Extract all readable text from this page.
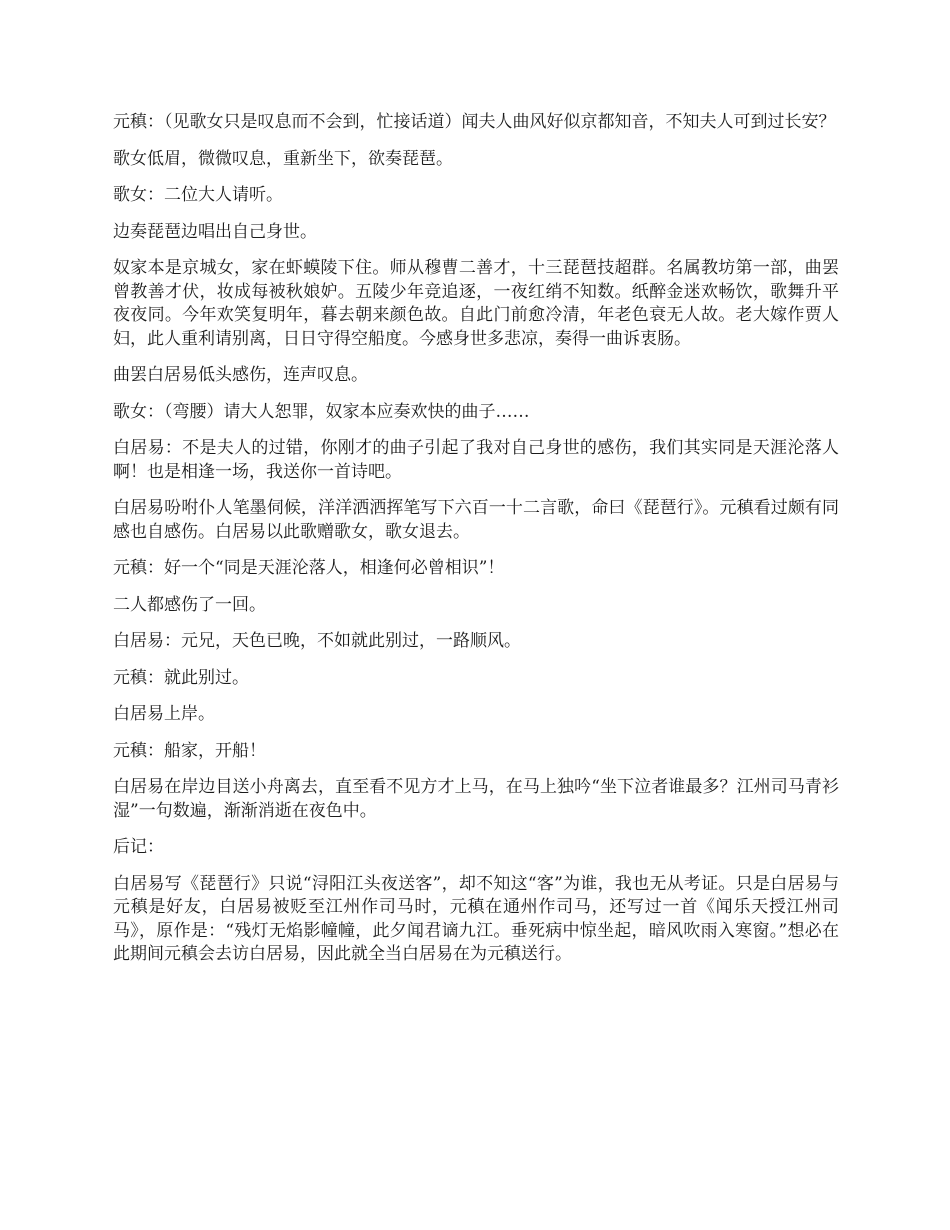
元稹：（见歌女只是叹息而不会到，忙接话道）闻夫人曲风好似京都知音，不知夫人可到过长安？

歌女低眉，微微叹息，重新坐下，欲奏琵琶。

歌女：二位大人请听。

边奏琵琶边唱出自己身世。

奴家本是京城女，家在虾蟆陵下住。师从穆曹二善才，十三琵琶技超群。名属教坊第一部，曲罢曾教善才伏，妆成每被秋娘妒。五陵少年竞追逐，一夜红绡不知数。纸醉金迷欢畅饮，歌舞升平夜夜同。今年欢笑复明年，暮去朝来颜色故。自此门前愈冷清，年老色衰无人故。老大嫁作贾人妇，此人重利请别离，日日守得空船度。今感身世多悲凉，奏得一曲诉衷肠。

曲罢白居易低头感伤，连声叹息。

歌女：（弯腰）请大人恕罪，奴家本应奏欢快的曲子……

白居易：不是夫人的过错，你刚才的曲子引起了我对自己身世的感伤，我们其实同是天涯沦落人啊！也是相逢一场，我送你一首诗吧。

白居易吩咐仆人笔墨伺候，洋洋洒洒挥笔写下六百一十二言歌，命曰《琵琶行》。元稹看过颇有同感也自感伤。白居易以此歌赠歌女，歌女退去。

元稹：好一个“同是天涯沦落人，相逢何必曾相识”！

二人都感伤了一回。

白居易：元兄，天色已晚，不如就此别过，一路顺风。

元稹：就此别过。

白居易上岸。

元稹：船家，开船！

白居易在岸边目送小舟离去，直至看不见方才上马，在马上独吟“坐下泣者谁最多？江州司马青衫湿”一句数遍，渐渐消逝在夜色中。

后记：

白居易写《琵琶行》只说“浔阳江头夜送客”，却不知这“客”为谁，我也无从考证。只是白居易与元稹是好友，白居易被贬至江州作司马时，元稹在通州作司马，还写过一首《闻乐天授江州司马》，原作是：“残灯无焰影幢幢，此夕闻君谪九江。垂死病中惊坐起，暗风吹雨入寒窗。”想必在此期间元稹会去访白居易，因此就全当白居易在为元稹送行。
